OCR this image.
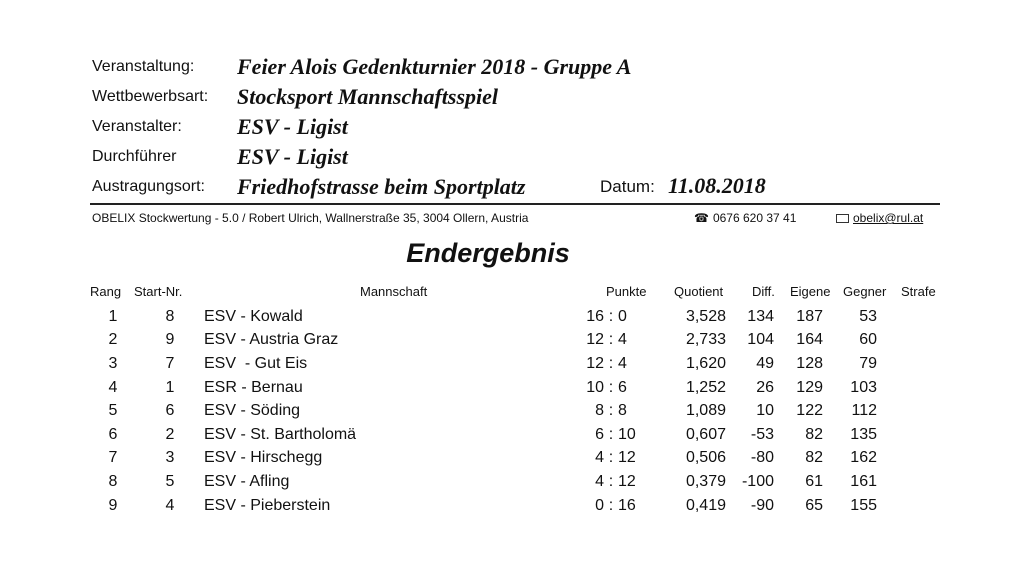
Veranstaltung: Feier Alois Gedenkturnier 2018 - Gruppe A
Wettbewerbsart: Stocksport Mannschaftsspiel
Veranstalter:	ESV - Ligist
Durchführer	ESV - Ligist
Austragungsort: Friedhofstrasse beim Sportplatz	Datum: 11.08.2018
OBELIX Stockwertung - 5.0 / Robert Ulrich, Wallnerstraße 35, 3004 Ollern, Austria	☎ 0676 620 37 41	obelix@rul.at
Endergebnis
Rang Start-Nr.	Mannschaft	Punkte Quotient Diff. Eigene Gegner Strafe
1	8	ESV - Kowald	16	:	0	3,528	134	187	53
2	9	ESV - Austria Graz	12	:	4	2,733	104	164	60
3	7	ESV  - Gut Eis	12	:	4	1,620	49	128	79
4	1	ESR - Bernau	10	:	6	1,252	26	129	103
5	6	ESV - Söding	8	:	8	1,089	10	122	112
6	2	ESV - St. Bartholomä	6	:	10	0,607	-53	82	135
7	3	ESV - Hirschegg	4	:	12	0,506	-80	82	162
8	5	ESV - Afling	4	:	12	0,379	-100	61	161
9	4	ESV - Pieberstein	0	:	16	0,419	-90	65	155
